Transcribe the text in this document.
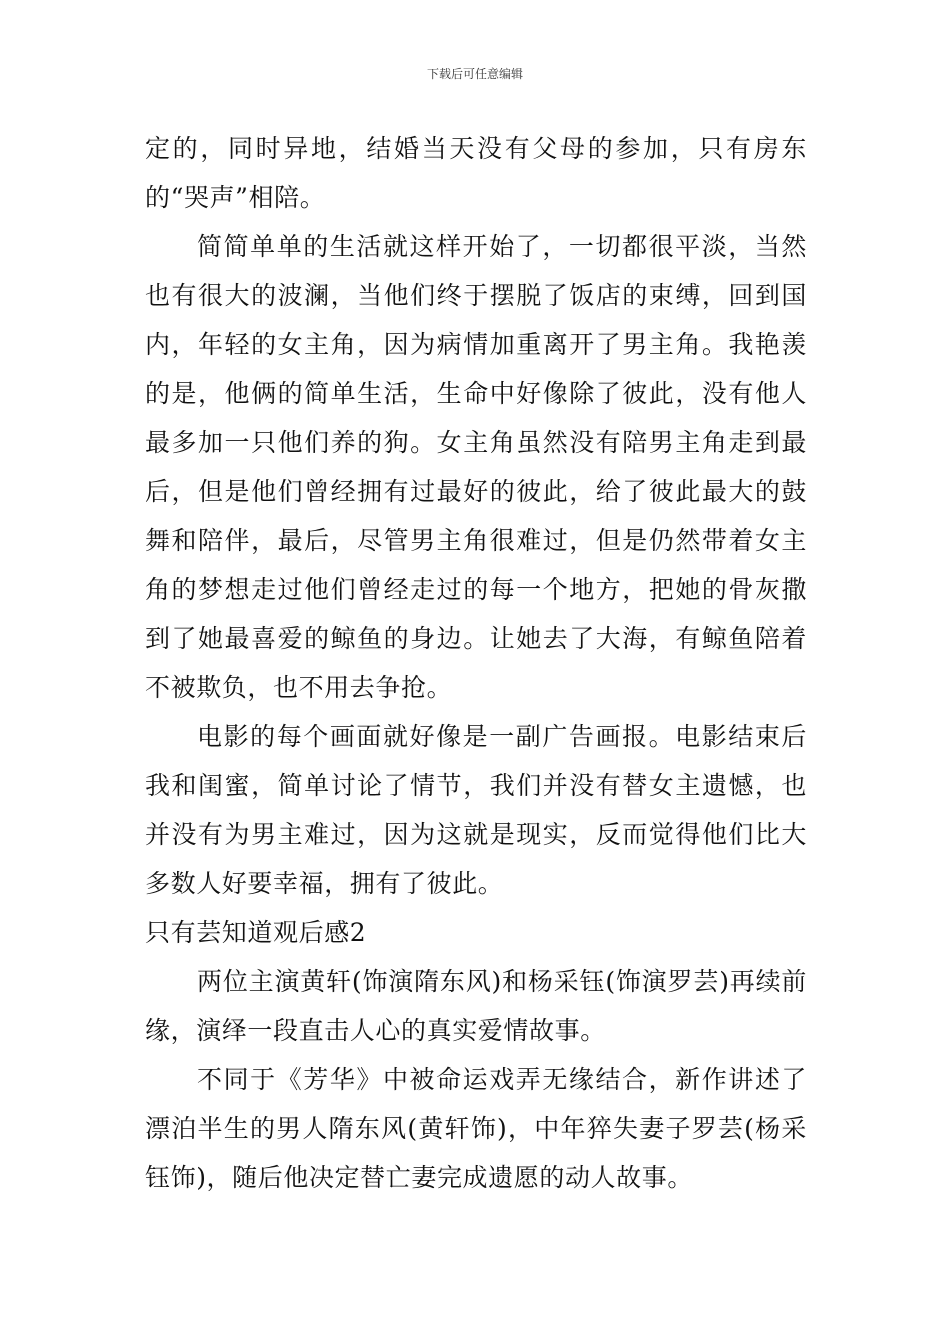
下载后可任意编辑

定的，同时异地，结婚当天没有父母的参加，只有房东的“哭声”相陪。

简简单单的生活就这样开始了，一切都很平淡，当然也有很大的波澜，当他们终于摆脱了饭店的束缚，回到国内，年轻的女主角，因为病情加重离开了男主角。我艳羡的是，他俩的简单生活，生命中好像除了彼此，没有他人最多加一只他们养的狗。女主角虽然没有陪男主角走到最后，但是他们曾经拥有过最好的彼此，给了彼此最大的鼓舞和陪伴，最后，尽管男主角很难过，但是仍然带着女主角的梦想走过他们曾经走过的每一个地方，把她的骨灰撒到了她最喜爱的鲸鱼的身边。让她去了大海，有鲸鱼陪着不被欺负，也不用去争抢。

电影的每个画面就好像是一副广告画报。电影结束后我和闺蜜，简单讨论了情节，我们并没有替女主遗憾，也并没有为男主难过，因为这就是现实，反而觉得他们比大多数人好要幸福，拥有了彼此。

只有芸知道观后感2

两位主演黄轩(饰演隋东风)和杨采钰(饰演罗芸)再续前缘，演绎一段直击人心的真实爱情故事。

不同于《芳华》中被命运戏弄无缘结合，新作讲述了漂泊半生的男人隋东风(黄轩饰)，中年猝失妻子罗芸(杨采钰饰)，随后他决定替亡妻完成遗愿的动人故事。
